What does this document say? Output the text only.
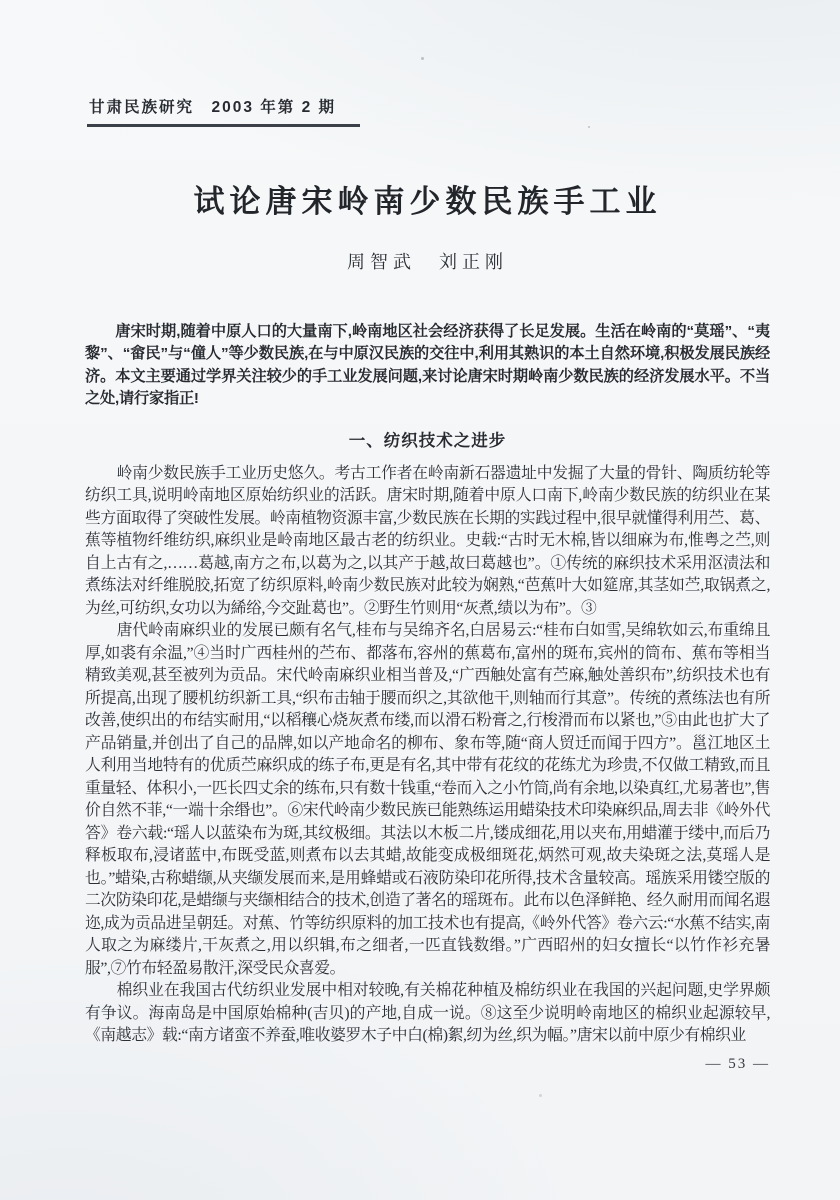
甘肃民族研究　2003 年第 2 期
试论唐宋岭南少数民族手工业
周智武　刘正刚

唐宋时期,随着中原人口的大量南下,岭南地区社会经济获得了长足发展。生活在岭南的“莫瑶”、“夷黎”、“畲民”与“僮人”等少数民族,在与中原汉民族的交往中,利用其熟识的本土自然环境,积极发展民族经济。本文主要通过学界关注较少的手工业发展问题,来讨论唐宋时期岭南少数民族的经济发展水平。不当之处,请行家指正!

一、纺织技术之进步

岭南少数民族手工业历史悠久。考古工作者在岭南新石器遗址中发掘了大量的骨针、陶质纺轮等纺织工具,说明岭南地区原始纺织业的活跃。唐宋时期,随着中原人口南下,岭南少数民族的纺织业在某些方面取得了突破性发展。岭南植物资源丰富,少数民族在长期的实践过程中,很早就懂得利用苎、葛、蕉等植物纤维纺织,麻织业是岭南地区最古老的纺织业。史载:“古时无木棉,皆以细麻为布,惟粤之苎,则自上古有之,……葛越,南方之布,以葛为之,以其产于越,故曰葛越也”。①传统的麻织技术采用沤渍法和煮练法对纤维脱胶,拓宽了纺织原料,岭南少数民族对此较为娴熟,“芭蕉叶大如筵席,其茎如苎,取锅煮之,为丝,可纺织,女功以为絺绤,今交趾葛也”。②野生竹则用“灰煮,绩以为布”。③

唐代岭南麻织业的发展已颇有名气,桂布与吴绵齐名,白居易云:“桂布白如雪,吴绵软如云,布重绵且厚,如裘有余温,”④当时广西桂州的苎布、都落布,容州的蕉葛布,富州的斑布,宾州的筒布、蕉布等相当精致美观,甚至被列为贡品。宋代岭南麻织业相当普及,“广西触处富有苎麻,触处善织布”,纺织技术也有所提高,出现了腰机纺织新工具,“织布击轴于腰而织之,其欲他干,则轴而行其意”。传统的煮练法也有所改善,使织出的布结实耐用,“以稻穰心烧灰煮布缕,而以滑石粉膏之,行梭滑而布以紧也,”⑤由此也扩大了产品销量,并创出了自己的品牌,如以产地命名的柳布、象布等,随“商人贸迁而闻于四方”。邕江地区土人利用当地特有的优质苎麻织成的练子布,更是有名,其中带有花纹的花练尤为珍贵,不仅做工精致,而且重量轻、体积小,一匹长四丈余的练布,只有数十钱重,“卷而入之小竹筒,尚有余地,以染真红,尤易著也”,售价自然不菲,“一端十余缗也”。⑥宋代岭南少数民族已能熟练运用蜡染技术印染麻织品,周去非《岭外代答》卷六载:“瑶人以蓝染布为斑,其纹极细。其法以木板二片,镂成细花,用以夹布,用蜡灌于缕中,而后乃释板取布,浸诸蓝中,布既受蓝,则煮布以去其蜡,故能变成极细斑花,炳然可观,故夫染斑之法,莫瑶人是也。”蜡染,古称蜡缬,从夹缬发展而来,是用蜂蜡或石液防染印花所得,技术含量较高。瑶族采用镂空版的二次防染印花,是蜡缬与夹缬相结合的技术,创造了著名的瑶斑布。此布以色泽鲜艳、经久耐用而闻名遐迩,成为贡品进呈朝廷。对蕉、竹等纺织原料的加工技术也有提高,《岭外代答》卷六云:“水蕉不结实,南人取之为麻缕片,干灰煮之,用以织辑,布之细者,一匹直钱数缗。”广西昭州的妇女擅长“以竹作衫充暑服”,⑦竹布轻盈易散汗,深受民众喜爱。

棉织业在我国古代纺织业发展中相对较晚,有关棉花种植及棉纺织业在我国的兴起问题,史学界颇有争议。海南岛是中国原始棉种(吉贝)的产地,自成一说。⑧这至少说明岭南地区的棉织业起源较早,《南越志》载:“南方诸蛮不养蚕,唯收婆罗木子中白(棉)絮,纫为丝,织为幅。”唐宋以前中原少有棉织业

— 53 —
